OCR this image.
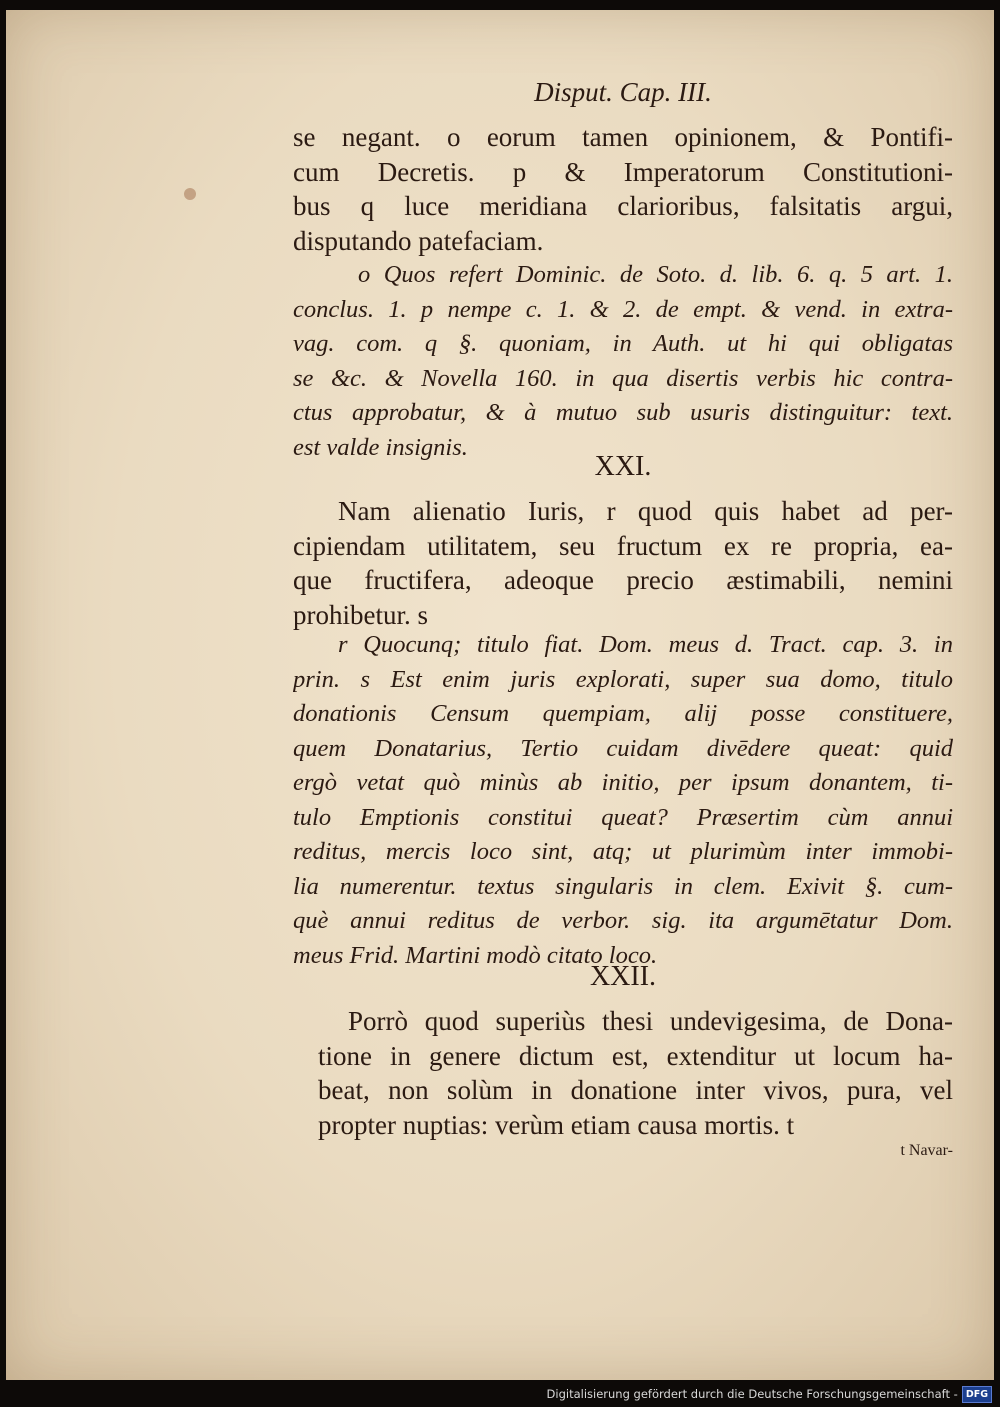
Disput. Cap. III.
se negant. o eorum tamen opinionem, & Pontifi-
cum Decretis. p & Imperatorum Constitutioni-
bus q luce meridiana clarioribus, falsitatis argui,
disputando patefaciam.
o Quos refert Dominic. de Soto. d. lib. 6. q. 5 art. 1.
conclus. 1. p nempe c. 1. & 2. de empt. & vend. in extra-
vag. com. q §. quoniam, in Auth. ut hi qui obligatas
se &c. & Novella 160. in qua disertis verbis hic contra-
ctus approbatur, & à mutuo sub usuris distinguitur: text.
est valde insignis.
XXI.
Nam alienatio Iuris, r quod quis habet ad per-
cipiendam utilitatem, seu fructum ex re propria, ea-
que fructifera, adeoque precio æstimabili, nemini
prohibetur. s
r Quocunq; titulo fiat. Dom. meus d. Tract. cap. 3. in
prin. s Est enim juris explorati, super sua domo, titulo
donationis Censum quempiam, alij posse constituere,
quem Donatarius, Tertio cuidam divēdere queat: quid
ergò vetat quò minùs ab initio, per ipsum donantem, ti-
tulo Emptionis constitui queat? Præsertim cùm annui
reditus, mercis loco sint, atq; ut plurimùm inter immobi-
lia numerentur. textus singularis in clem. Exivit §. cum-
què annui reditus de verbor. sig. ita argumētatur Dom.
meus Frid. Martini modò citato loco.
XXII.
Porrò quod superiùs thesi undevigesima, de Dona-
tione in genere dictum est, extenditur ut locum ha-
beat, non solùm in donatione inter vivos, pura, vel
propter nuptias: verùm etiam causa mortis. t
t Navar-
Digitalisierung gefördert durch die Deutsche Forschungsgemeinschaft - DFG
